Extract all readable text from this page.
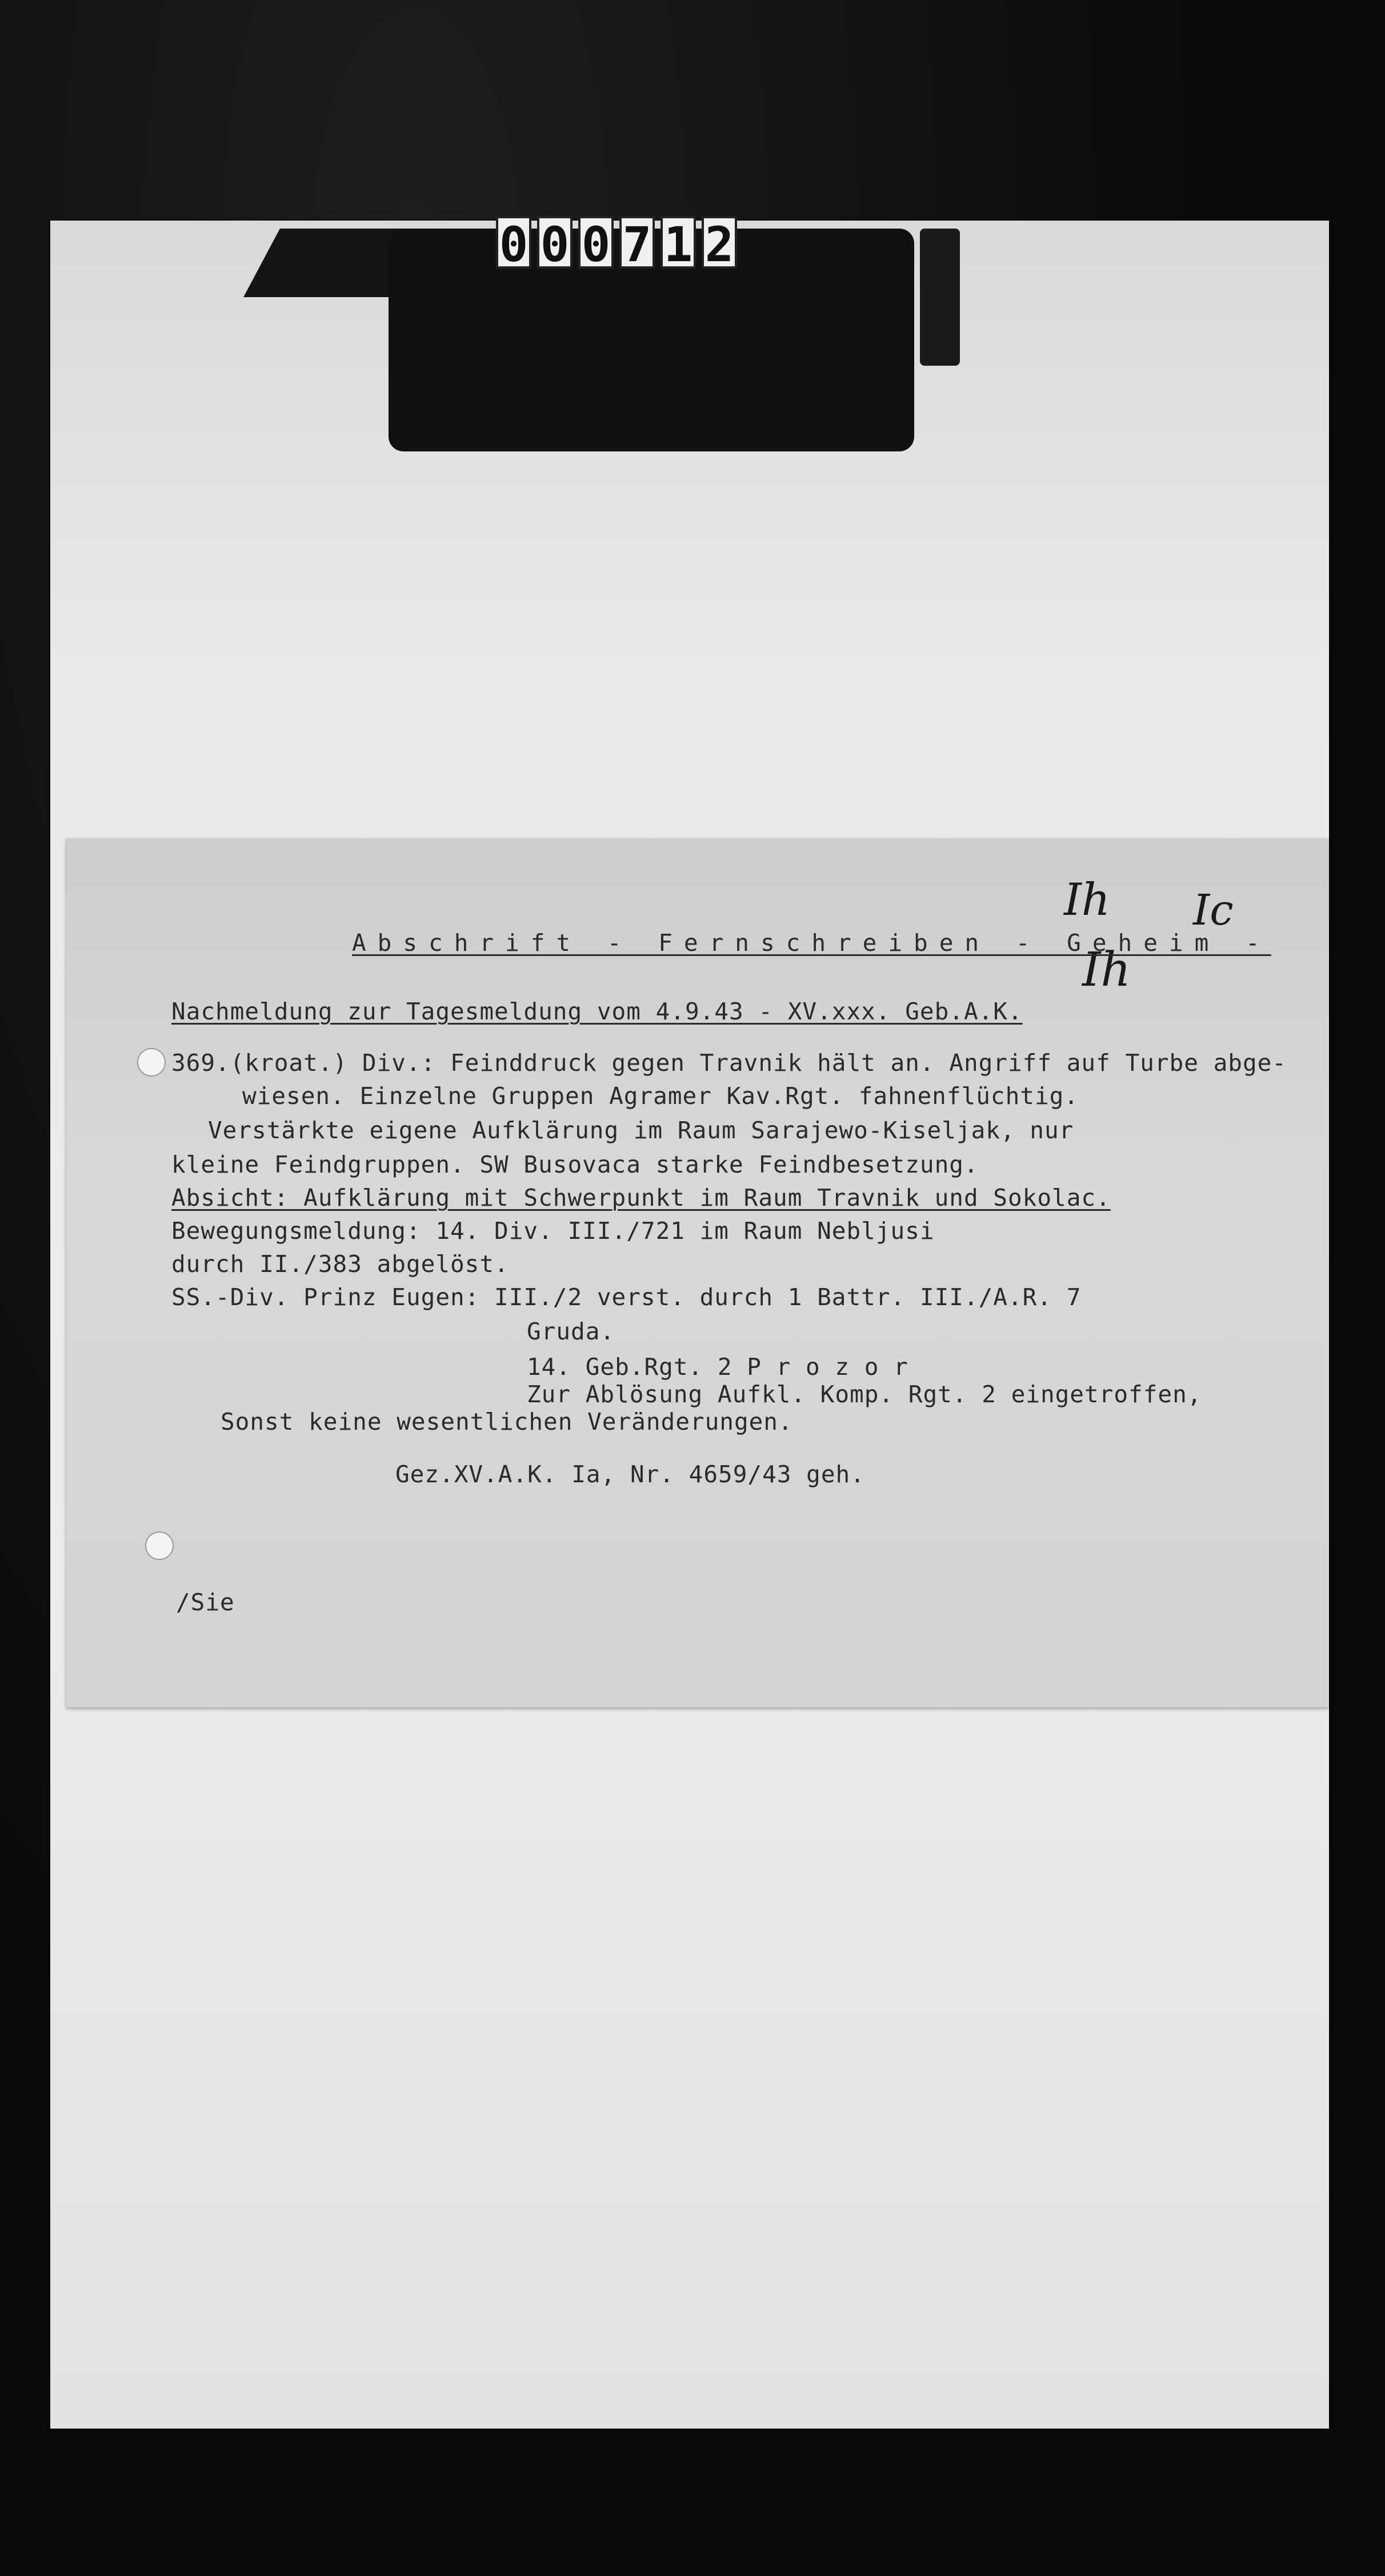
0 0 0 7 1 2
Ih Ic
Ih
Abschrift - Fernschreiben - Geheim -
Nachmeldung zur Tagesmeldung vom 4.9.43 - XV.xxx. Geb.A.K.
369.(kroat.) Div.: Feinddruck gegen Travnik hält an. Angriff auf Turbe abge-
wiesen. Einzelne Gruppen Agramer Kav.Rgt. fahnenflüchtig.
Verstärkte eigene Aufklärung im Raum Sarajewo-Kiseljak, nur
kleine Feindgruppen. SW Busovaca starke Feindbesetzung.
Absicht: Aufklärung mit Schwerpunkt im Raum Travnik und Sokolac.
Bewegungsmeldung: 14. Div. III./721 im Raum Nebljusi
durch II./383 abgelöst.
SS.-Div. Prinz Eugen: III./2 verst. durch 1 Battr. III./A.R. 7
Gruda.
14. Geb.Rgt. 2 P r o z o r
Zur Ablösung Aufkl. Komp. Rgt. 2 eingetroffen,
Sonst keine wesentlichen Veränderungen.
Gez.XV.A.K. Ia, Nr. 4659/43 geh.
/Sie
